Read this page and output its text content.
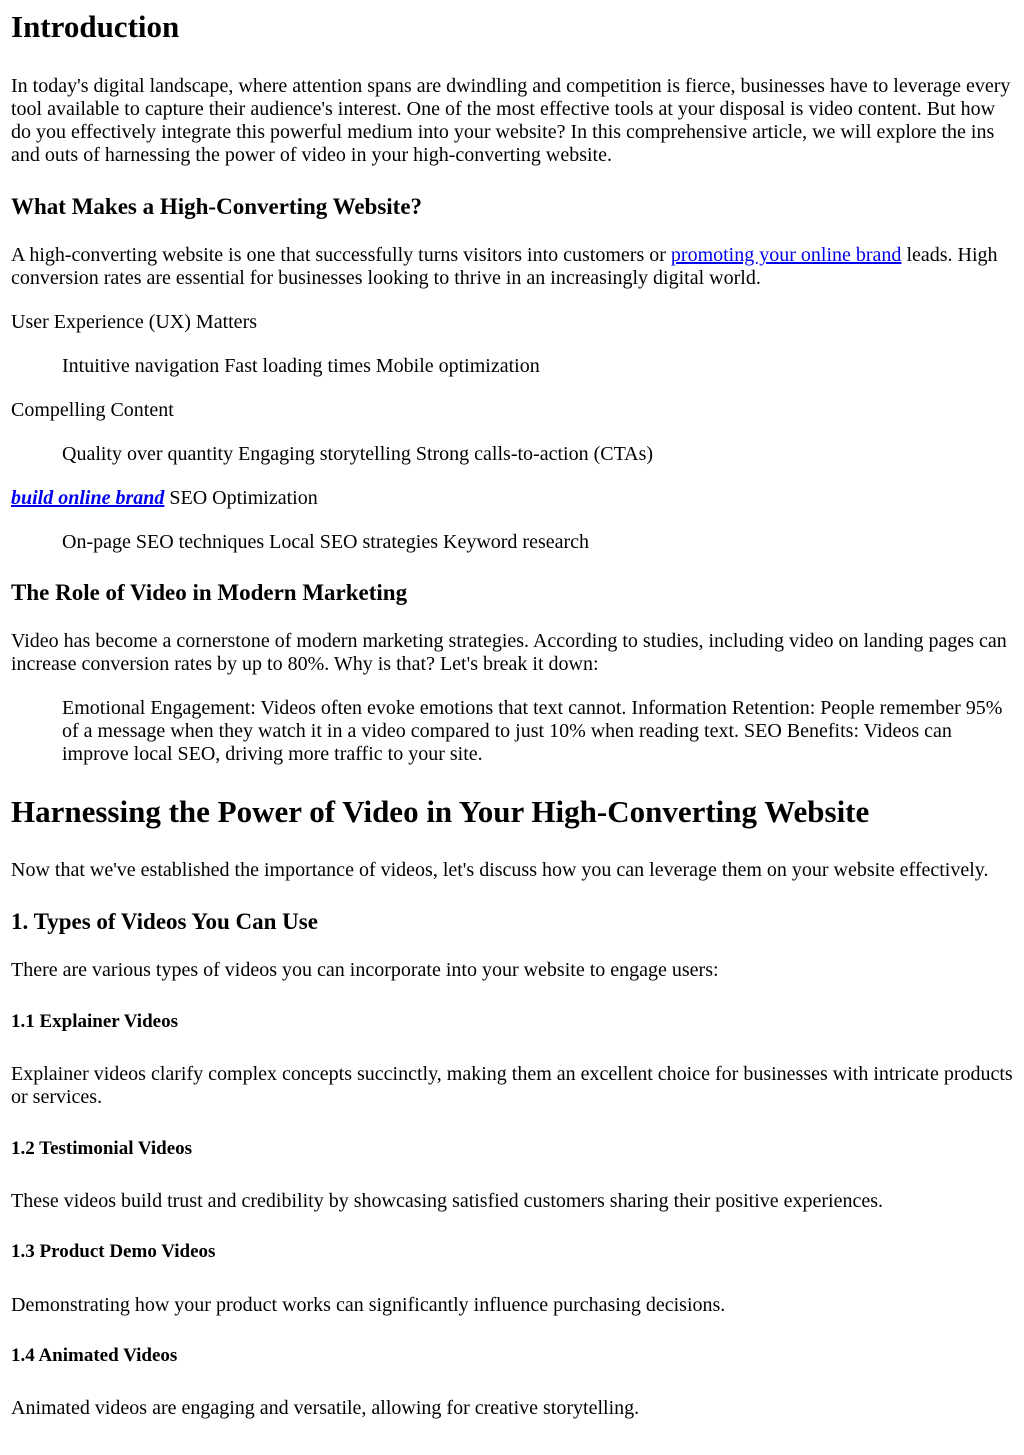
Introduction

In today's digital landscape, where attention spans are dwindling and competition is fierce, businesses have to leverage every tool available to capture their audience's interest. One of the most effective tools at your disposal is video content. But how do you effectively integrate this powerful medium into your website? In this comprehensive article, we will explore the ins and outs of harnessing the power of video in your high-converting website.

What Makes a High-Converting Website?

A high-converting website is one that successfully turns visitors into customers or promoting your online brand leads. High conversion rates are essential for businesses looking to thrive in an increasingly digital world.

User Experience (UX) Matters

Intuitive navigation Fast loading times Mobile optimization

Compelling Content

Quality over quantity Engaging storytelling Strong calls-to-action (CTAs)

build online brand SEO Optimization

On-page SEO techniques Local SEO strategies Keyword research

The Role of Video in Modern Marketing

Video has become a cornerstone of modern marketing strategies. According to studies, including video on landing pages can increase conversion rates by up to 80%. Why is that? Let's break it down:

Emotional Engagement: Videos often evoke emotions that text cannot. Information Retention: People remember 95% of a message when they watch it in a video compared to just 10% when reading text. SEO Benefits: Videos can improve local SEO, driving more traffic to your site.

Harnessing the Power of Video in Your High-Converting Website

Now that we've established the importance of videos, let's discuss how you can leverage them on your website effectively.

1. Types of Videos You Can Use

There are various types of videos you can incorporate into your website to engage users:

1.1 Explainer Videos

Explainer videos clarify complex concepts succinctly, making them an excellent choice for businesses with intricate products or services.

1.2 Testimonial Videos

These videos build trust and credibility by showcasing satisfied customers sharing their positive experiences.

1.3 Product Demo Videos

Demonstrating how your product works can significantly influence purchasing decisions.

1.4 Animated Videos

Animated videos are engaging and versatile, allowing for creative storytelling.
